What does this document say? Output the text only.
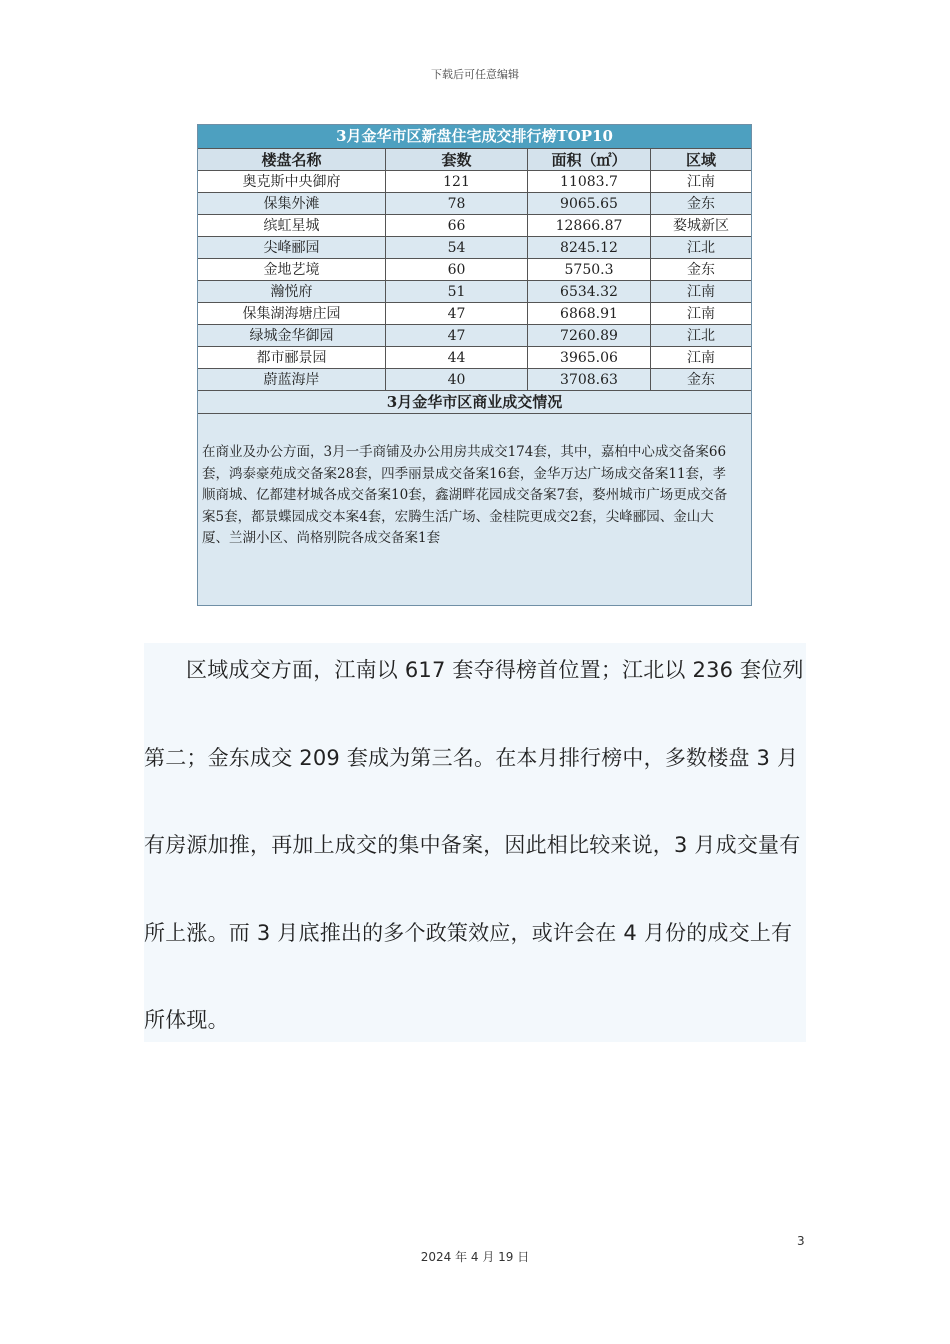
下载后可任意编辑
3月金华市区新盘住宅成交排行榜TOP10
楼盘名称	套数	面积（㎡）	区域
奥克斯中央御府	121	11083.7	江南
保集外滩	78	9065.65	金东
缤虹星城	66	12866.87	婺城新区
尖峰郦园	54	8245.12	江北
金地艺境	60	5750.3	金东
瀚悦府	51	6534.32	江南
保集湖海塘庄园	47	6868.91	江南
绿城金华御园	47	7260.89	江北
都市郦景园	44	3965.06	江南
蔚蓝海岸	40	3708.63	金东
3月金华市区商业成交情况
在商业及办公方面，3月一手商铺及办公用房共成交174套，其中，嘉柏中心成交备案66套，鸿泰豪苑成交备案28套，四季丽景成交备案16套，金华万达广场成交备案11套，孝顺商城、亿都建材城各成交备案10套，鑫湖畔花园成交备案7套，婺州城市广场更成交备案5套，都景蝶园成交本案4套，宏腾生活广场、金桂院更成交2套，尖峰郦园、金山大厦、兰湖小区、尚格别院各成交备案1套

区域成交方面，江南以 617 套夺得榜首位置；江北以 236 套位列第二；金东成交 209 套成为第三名。在本月排行榜中，多数楼盘 3 月有房源加推，再加上成交的集中备案，因此相比较来说，3 月成交量有所上涨。而 3 月底推出的多个政策效应，或许会在 4 月份的成交上有所体现。

3
2024 年 4 月 19 日
